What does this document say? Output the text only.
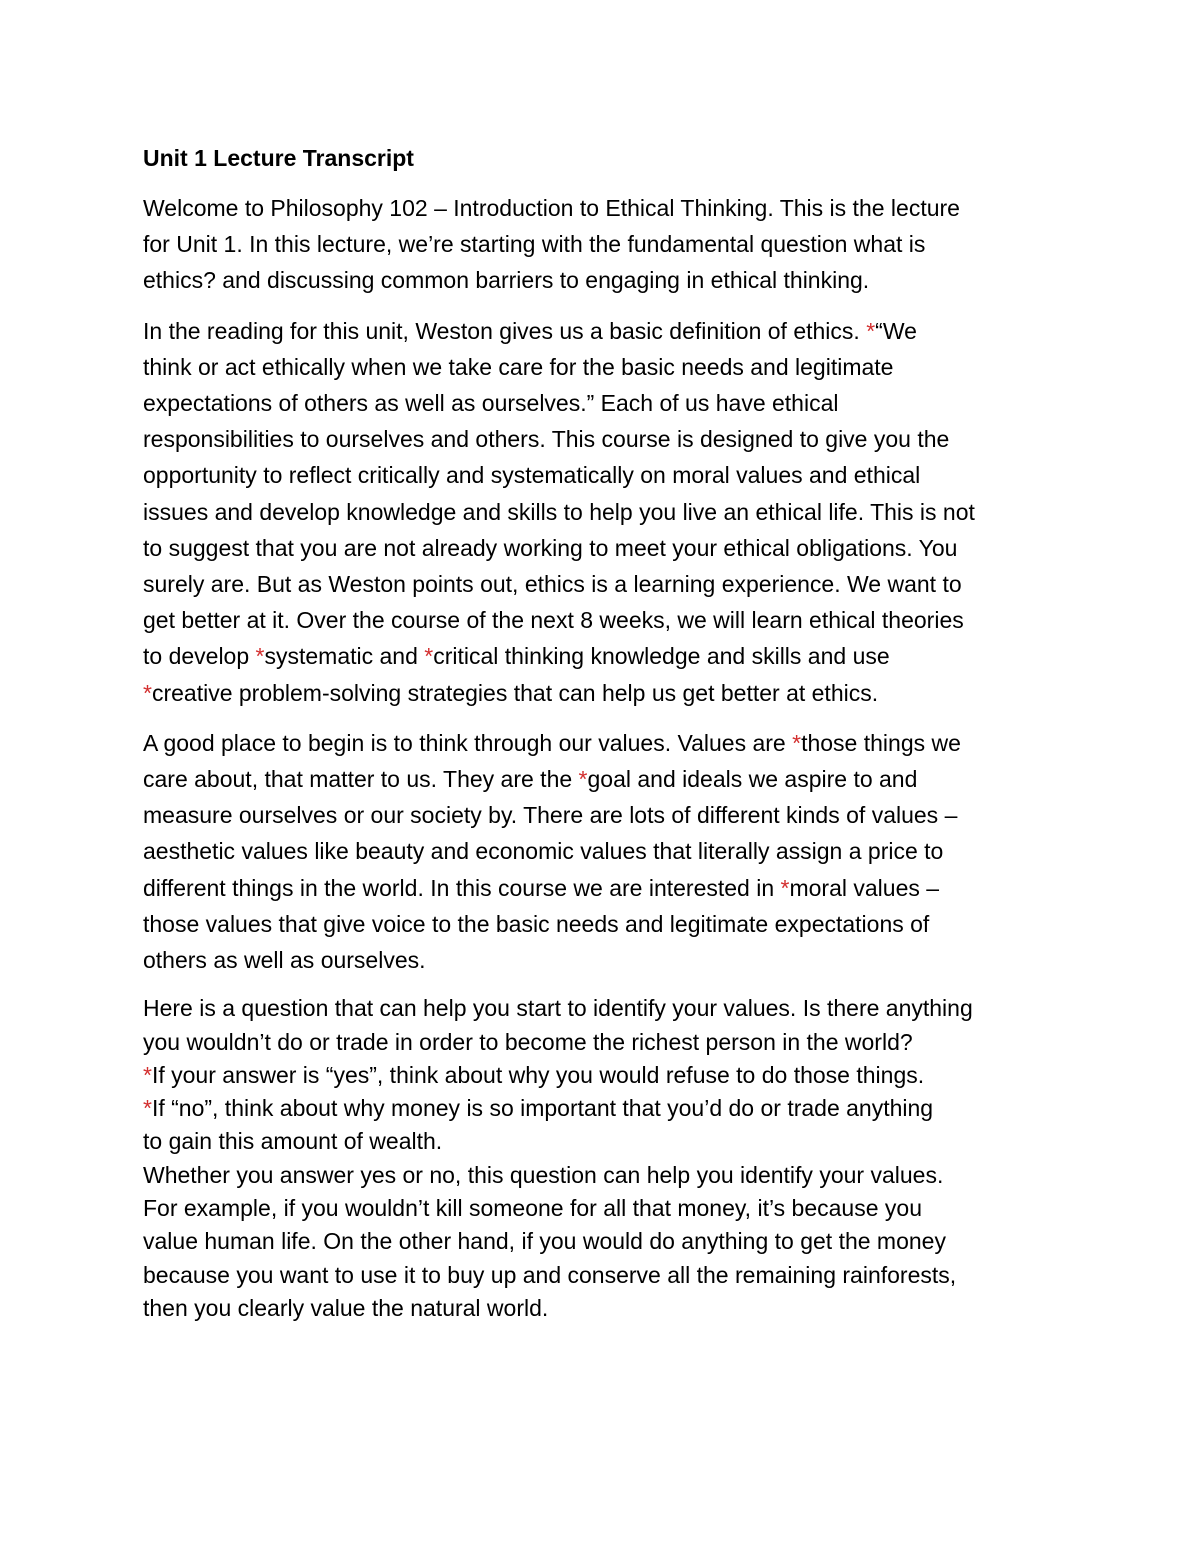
Unit 1 Lecture Transcript
Welcome to Philosophy 102 – Introduction to Ethical Thinking. This is the lecture
for Unit 1. In this lecture, we’re starting with the fundamental question what is
ethics? and discussing common barriers to engaging in ethical thinking.
In the reading for this unit, Weston gives us a basic definition of ethics. *“We
think or act ethically when we take care for the basic needs and legitimate
expectations of others as well as ourselves.” Each of us have ethical
responsibilities to ourselves and others. This course is designed to give you the
opportunity to reflect critically and systematically on moral values and ethical
issues and develop knowledge and skills to help you live an ethical life. This is not
to suggest that you are not already working to meet your ethical obligations. You
surely are. But as Weston points out, ethics is a learning experience. We want to
get better at it. Over the course of the next 8 weeks, we will learn ethical theories
to develop *systematic and *critical thinking knowledge and skills and use
*creative problem-solving strategies that can help us get better at ethics.
A good place to begin is to think through our values. Values are *those things we
care about, that matter to us. They are the *goal and ideals we aspire to and
measure ourselves or our society by. There are lots of different kinds of values –
aesthetic values like beauty and economic values that literally assign a price to
different things in the world. In this course we are interested in *moral values –
those values that give voice to the basic needs and legitimate expectations of
others as well as ourselves.
Here is a question that can help you start to identify your values. Is there anything
you wouldn’t do or trade in order to become the richest person in the world?
*If your answer is “yes”, think about why you would refuse to do those things.
*If “no”, think about why money is so important that you’d do or trade anything
to gain this amount of wealth.
Whether you answer yes or no, this question can help you identify your values.
For example, if you wouldn’t kill someone for all that money, it’s because you
value human life. On the other hand, if you would do anything to get the money
because you want to use it to buy up and conserve all the remaining rainforests,
then you clearly value the natural world.
